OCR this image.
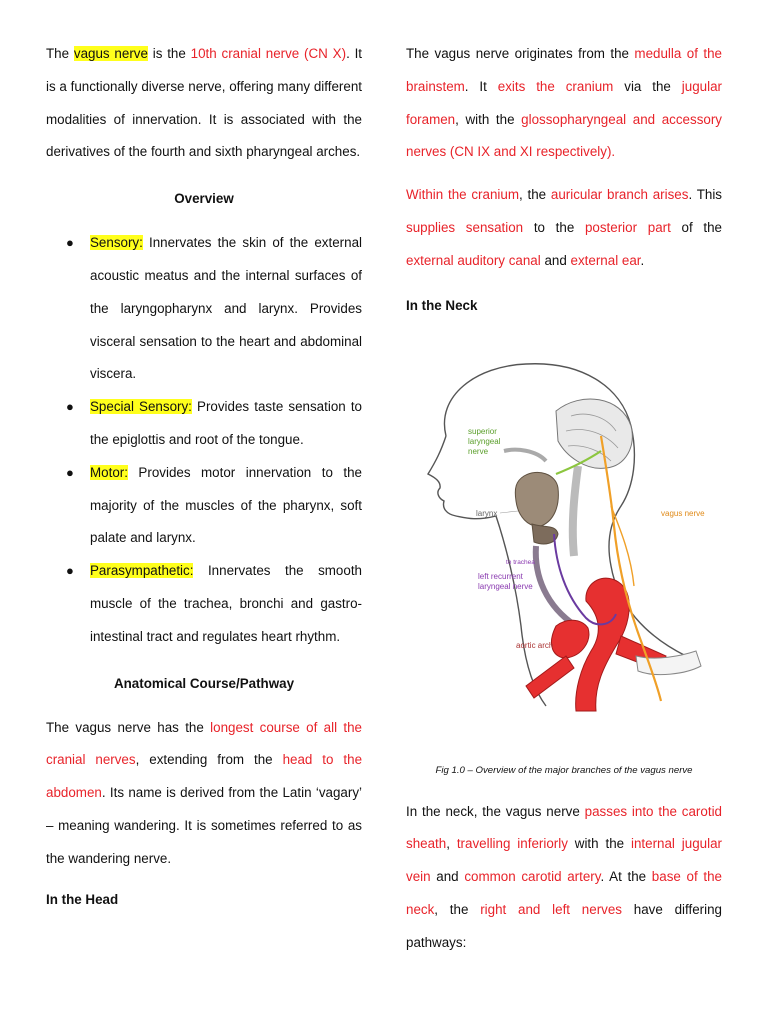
The vagus nerve is the 10th cranial nerve (CN X). It is a functionally diverse nerve, offering many different modalities of innervation. It is associated with the derivatives of the fourth and sixth pharyngeal arches.

Overview
● Sensory: Innervates the skin of the external acoustic meatus and the internal surfaces of the laryngopharynx and larynx. Provides visceral sensation to the heart and abdominal viscera.
● Special Sensory: Provides taste sensation to the epiglottis and root of the tongue.
● Motor: Provides motor innervation to the majority of the muscles of the pharynx, soft palate and larynx.
● Parasympathetic: Innervates the smooth muscle of the trachea, bronchi and gastro-intestinal tract and regulates heart rhythm.
Anatomical Course/Pathway

The vagus nerve has the longest course of all the cranial nerves, extending from the head to the abdomen. Its name is derived from the Latin ‘vagary’ – meaning wandering. It is sometimes referred to as the wandering nerve.

In the Head

The vagus nerve originates from the medulla of the brainstem. It exits the cranium via the jugular foramen, with the glossopharyngeal and accessory nerves (CN IX and XI respectively).

Within the cranium, the auricular branch arises. This supplies sensation to the posterior part of the external auditory canal and external ear.

In the Neck
superior
laryngeal
nerve
larynx	vagus nerve
to trachea
left recurrent
laryngeal nerve
aortic arch
Fig 1.0 – Overview of the major branches of the vagus nerve

In the neck, the vagus nerve passes into the carotid sheath, travelling inferiorly with the internal jugular vein and common carotid artery. At the base of the neck, the right and left nerves have differing pathways:
